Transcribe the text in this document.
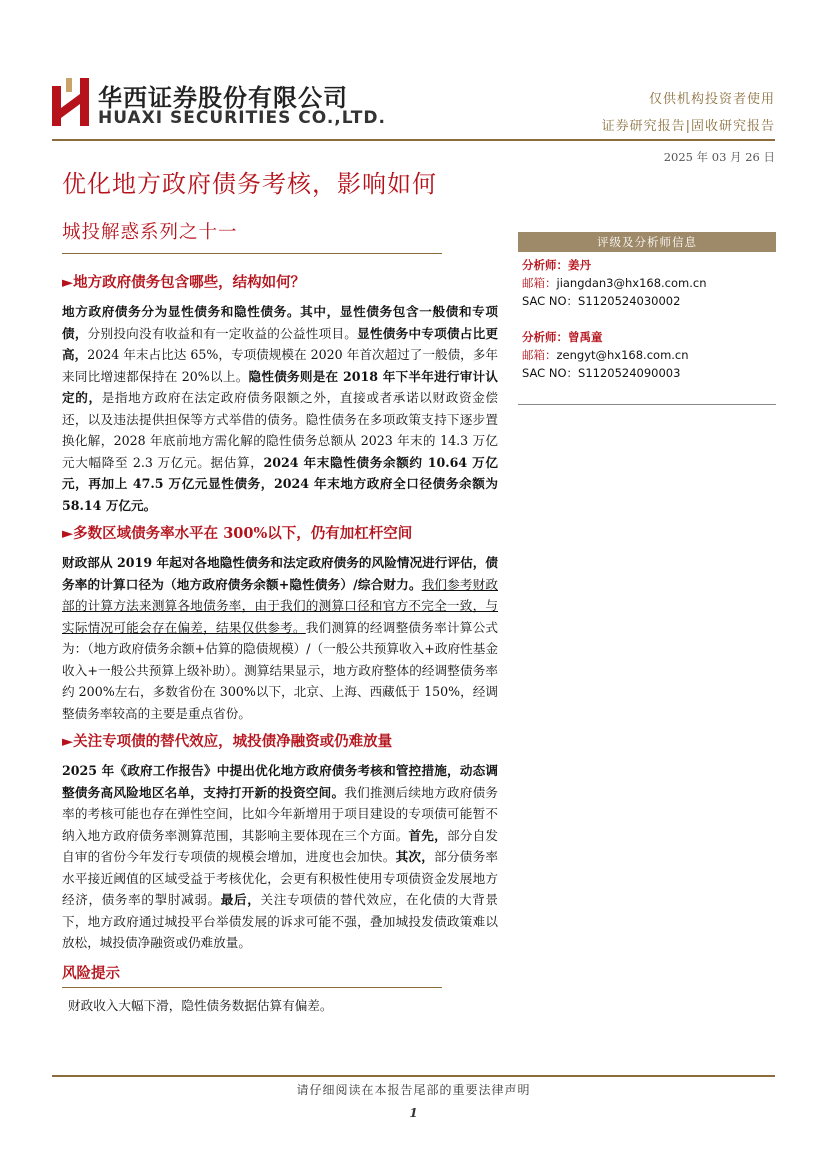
华西证券股份有限公司
HUAXI SECURITIES CO.,LTD.
仅供机构投资者使用
证券研究报告|固收研究报告
2025 年 03 月 26 日
优化地方政府债务考核，影响如何
城投解惑系列之十一
►地方政府债务包含哪些，结构如何？

地方政府债务分为显性债务和隐性债务。其中，显性债务包含一般债和专项债，分别投向没有收益和有一定收益的公益性项目。显性债务中专项债占比更高，2024 年末占比达 65%，专项债规模在 2020 年首次超过了一般债，多年来同比增速都保持在 20%以上。隐性债务则是在 2018 年下半年进行审计认定的，是指地方政府在法定政府债务限额之外，直接或者承诺以财政资金偿还，以及违法提供担保等方式举借的债务。隐性债务在多项政策支持下逐步置换化解，2028 年底前地方需化解的隐性债务总额从 2023 年末的 14.3 万亿元大幅降至 2.3 万亿元。据估算，2024 年末隐性债务余额约 10.64 万亿元，再加上 47.5 万亿元显性债务，2024 年末地方政府全口径债务余额为 58.14 万亿元。

►多数区域债务率水平在 300%以下，仍有加杠杆空间

财政部从 2019 年起对各地隐性债务和法定政府债务的风险情况进行评估，债务率的计算口径为（地方政府债务余额+隐性债务）/综合财力。我们参考财政部的计算方法来测算各地债务率，由于我们的测算口径和官方不完全一致，与实际情况可能会存在偏差，结果仅供参考。我们测算的经调整债务率计算公式为：（地方政府债务余额+估算的隐债规模）/（一般公共预算收入+政府性基金收入+一般公共预算上级补助）。测算结果显示，地方政府整体的经调整债务率约 200%左右，多数省份在 300%以下，北京、上海、西藏低于 150%，经调整债务率较高的主要是重点省份。

►关注专项债的替代效应，城投债净融资或仍难放量

2025 年《政府工作报告》中提出优化地方政府债务考核和管控措施，动态调整债务高风险地区名单，支持打开新的投资空间。我们推测后续地方政府债务率的考核可能也存在弹性空间，比如今年新增用于项目建设的专项债可能暂不纳入地方政府债务率测算范围，其影响主要体现在三个方面。首先，部分自发自审的省份今年发行专项债的规模会增加，进度也会加快。其次，部分债务率水平接近阈值的区域受益于考核优化，会更有积极性使用专项债资金发展地方经济，债务率的掣肘减弱。最后，关注专项债的替代效应，在化债的大背景下，地方政府通过城投平台举债发展的诉求可能不强，叠加城投发债政策难以放松，城投债净融资或仍难放量。

风险提示
财政收入大幅下滑，隐性债务数据估算有偏差。
评级及分析师信息
分析师：姜丹
邮箱：jiangdan3@hx168.com.cn
SAC NO：S1120524030002
分析师：曾禹童
邮箱：zengyt@hx168.com.cn
SAC NO：S1120524090003
请仔细阅读在本报告尾部的重要法律声明
1
